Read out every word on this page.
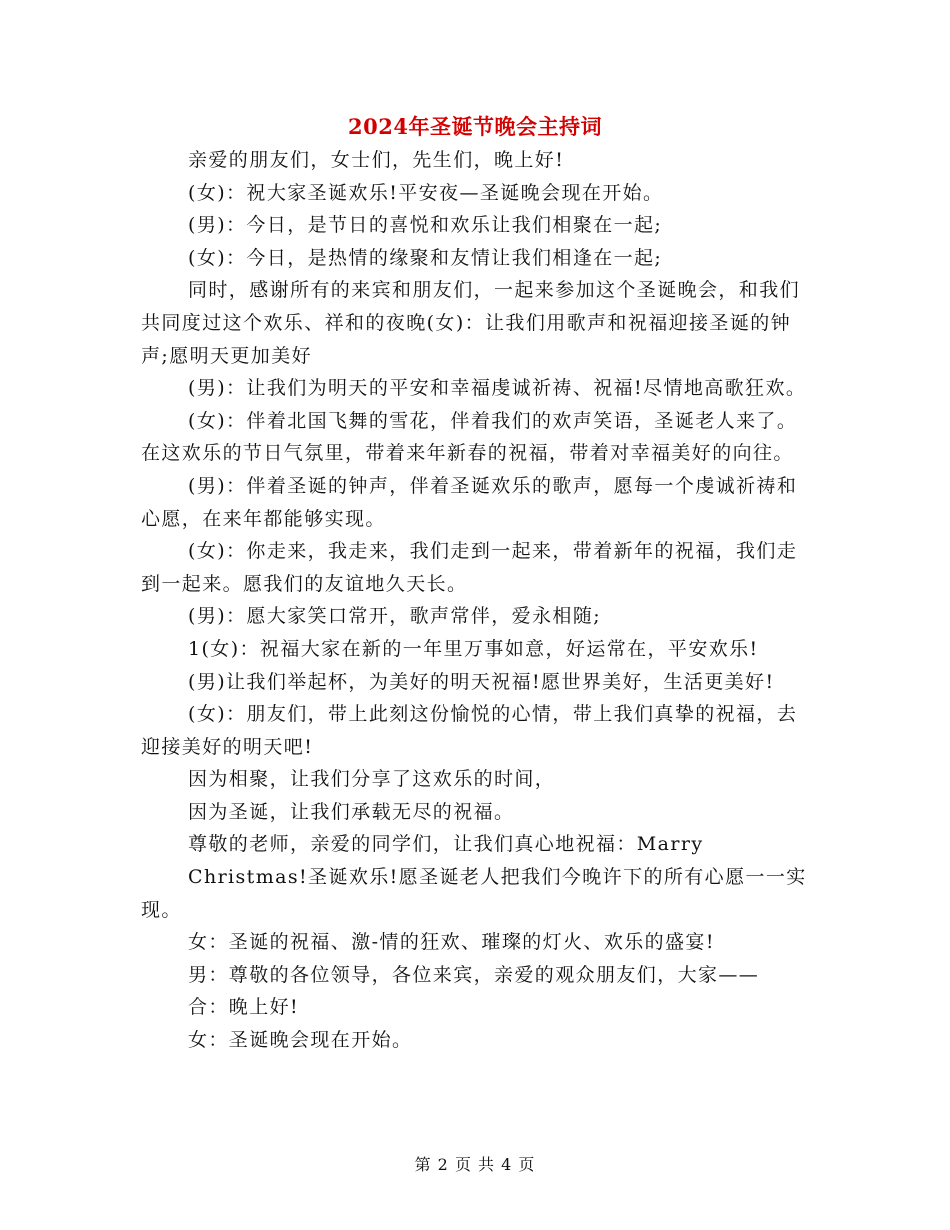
2024年圣诞节晚会主持词

亲爱的朋友们，女士们，先生们，晚上好!

(女)：祝大家圣诞欢乐!平安夜—圣诞晚会现在开始。

(男)：今日，是节日的喜悦和欢乐让我们相聚在一起;

(女)：今日，是热情的缘聚和友情让我们相逢在一起;

同时，感谢所有的来宾和朋友们，一起来参加这个圣诞晚会，和我们共同度过这个欢乐、祥和的夜晚(女)：让我们用歌声和祝福迎接圣诞的钟声;愿明天更加美好

(男)：让我们为明天的平安和幸福虔诚祈祷、祝福!尽情地高歌狂欢。

(女)：伴着北国飞舞的雪花，伴着我们的欢声笑语，圣诞老人来了。在这欢乐的节日气氛里，带着来年新春的祝福，带着对幸福美好的向往。

(男)：伴着圣诞的钟声，伴着圣诞欢乐的歌声，愿每一个虔诚祈祷和心愿，在来年都能够实现。

(女)：你走来，我走来，我们走到一起来，带着新年的祝福，我们走到一起来。愿我们的友谊地久天长。

(男)：愿大家笑口常开，歌声常伴，爱永相随;

1(女)：祝福大家在新的一年里万事如意，好运常在，平安欢乐!

(男)让我们举起杯，为美好的明天祝福!愿世界美好，生活更美好!

(女)：朋友们，带上此刻这份愉悦的心情，带上我们真挚的祝福，去迎接美好的明天吧!

因为相聚，让我们分享了这欢乐的时间，

因为圣诞，让我们承载无尽的祝福。

尊敬的老师，亲爱的同学们，让我们真心地祝福：Marry

Christmas!圣诞欢乐!愿圣诞老人把我们今晚许下的所有心愿一一实现。

女：圣诞的祝福、激-情的狂欢、璀璨的灯火、欢乐的盛宴!

男：尊敬的各位领导，各位来宾，亲爱的观众朋友们，大家——

合：晚上好!

女：圣诞晚会现在开始。

第 2 页 共 4 页
